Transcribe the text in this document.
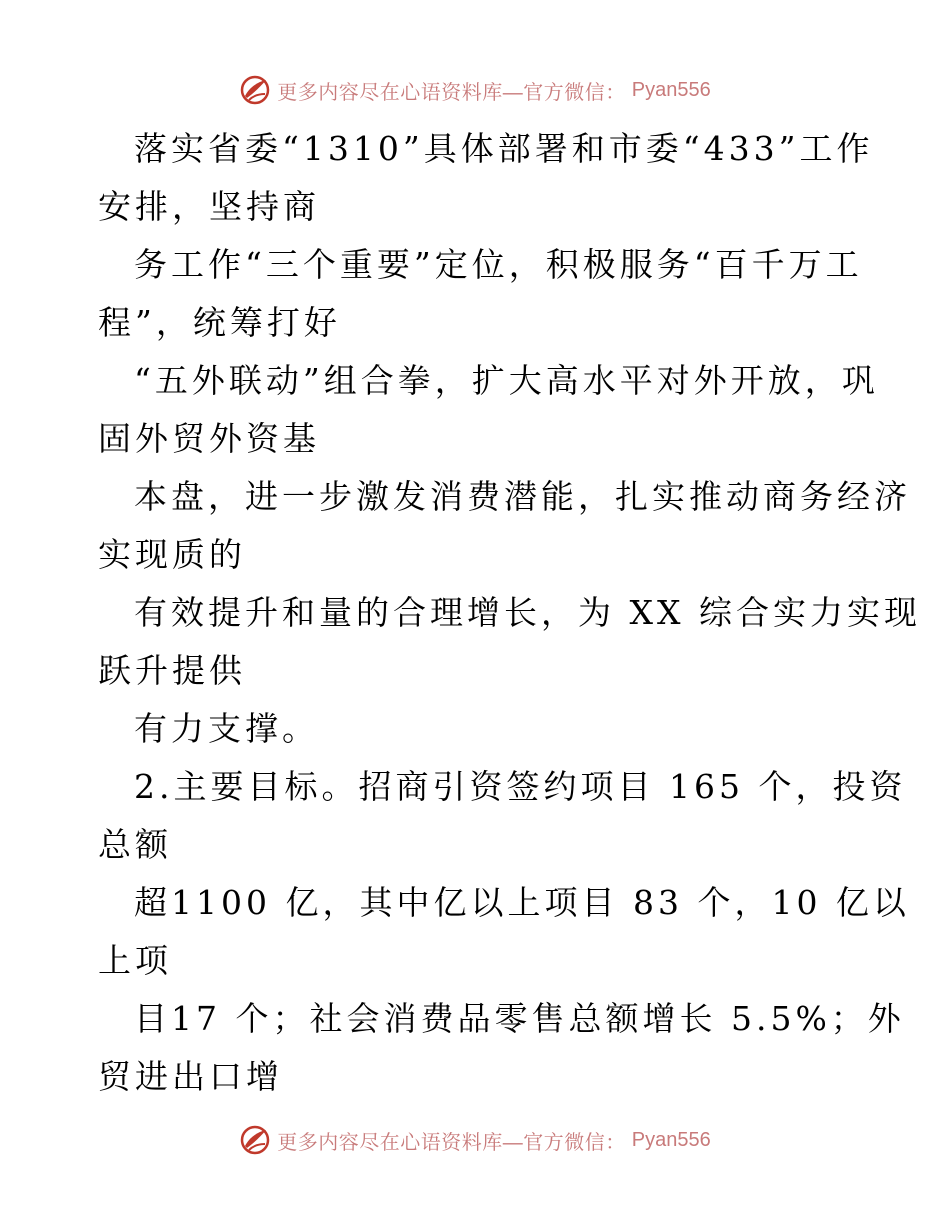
更多内容尽在心语资料库—官方微信： Pyan556
落实省委“1310”具体部署和市委“433”工作
安排，坚持商
务工作“三个重要”定位，积极服务“百千万工
程”，统筹打好
“五外联动”组合拳，扩大高水平对外开放，巩
固外贸外资基
本盘，进一步激发消费潜能，扎实推动商务经济
实现质的
有效提升和量的合理增长，为 XX 综合实力实现
跃升提供
有力支撑。
2.主要目标。招商引资签约项目 165 个，投资
总额
超1100 亿，其中亿以上项目 83 个，10 亿以
上项
目17 个；社会消费品零售总额增长 5.5%；外
贸进出口增
更多内容尽在心语资料库—官方微信： Pyan556
